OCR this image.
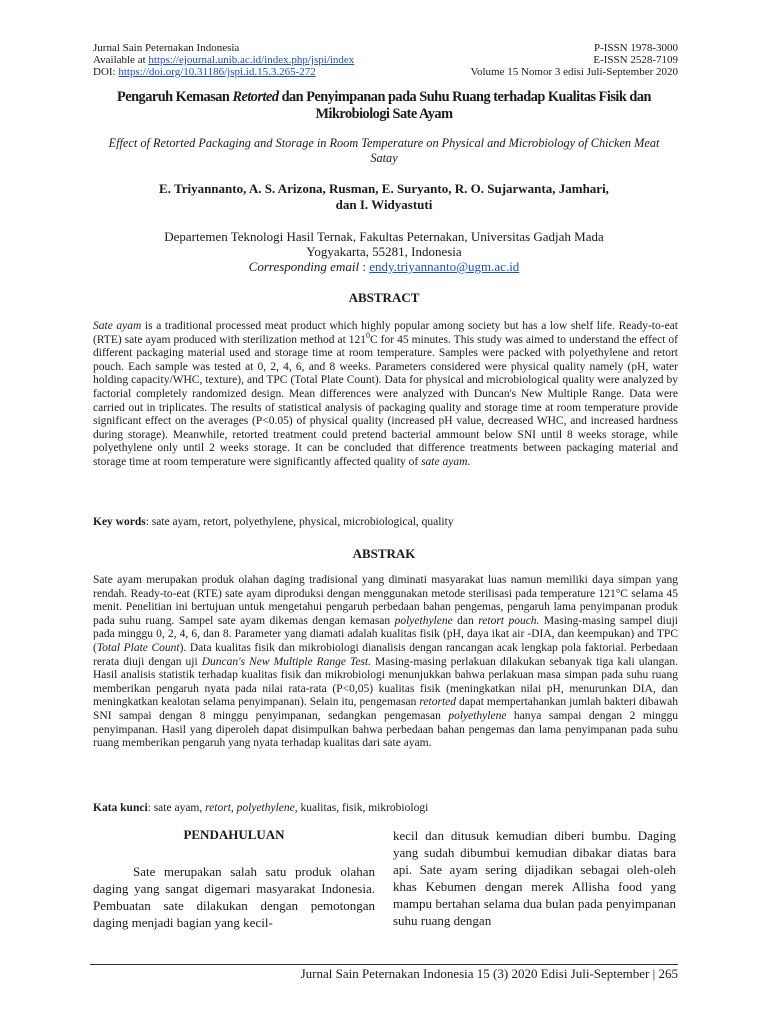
Jurnal Sain Peternakan Indonesia	P-ISSN 1978-3000
Available at https://ejournal.unib.ac.id/index.php/jspi/index	E-ISSN 2528-7109
DOI: https://doi.org/10.31186/jspi.id.15.3.265-272	Volume 15 Nomor 3 edisi Juli-September 2020
Pengaruh Kemasan Retorted dan Penyimpanan pada Suhu Ruang terhadap Kualitas Fisik dan Mikrobiologi Sate Ayam
Effect of Retorted Packaging and Storage in Room Temperature on Physical and Microbiology of Chicken Meat Satay
E. Triyannanto, A. S. Arizona, Rusman, E. Suryanto, R. O. Sujarwanta, Jamhari,
dan I. Widyastuti
Departemen Teknologi Hasil Ternak, Fakultas Peternakan, Universitas Gadjah Mada
Yogyakarta, 55281, Indonesia
Corresponding email : endy.triyannanto@ugm.ac.id
ABSTRACT
Sate ayam is a traditional processed meat product which highly popular among society but has a low shelf life. Ready-to-eat (RTE) sate ayam produced with sterilization method at $121^0C$ for 45 minutes. This study was aimed to understand the effect of different packaging material used and storage time at room temperature. Samples were packed with polyethylene and retort pouch. Each sample was tested at 0, 2, 4, 6, and 8 weeks. Parameters considered were physical quality namely (pH, water holding capacity/WHC, texture), and TPC (Total Plate Count). Data for physical and microbiological quality were analyzed by factorial completely randomized design. Mean differences were analyzed with Duncan's New Multiple Range. Data were carried out in triplicates. The results of statistical analysis of packaging quality and storage time at room temperature provide significant effect on the averages (P<0.05) of physical quality (increased pH value, decreased WHC, and increased hardness during storage). Meanwhile, retorted treatment could pretend bacterial ammount below SNI until 8 weeks storage, while polyethylene only until 2 weeks storage. It can be concluded that difference treatments between packaging material and storage time at room temperature were significantly affected quality of sate ayam.
Key words: sate ayam, retort, polyethylene, physical, microbiological, quality
ABSTRAK
Sate ayam merupakan produk olahan daging tradisional yang diminati masyarakat luas namun memiliki daya simpan yang rendah. Ready-to-eat (RTE) sate ayam diproduksi dengan menggunakan metode sterilisasi pada temperature 121°C selama 45 menit. Penelitian ini bertujuan untuk mengetahui pengaruh perbedaan bahan pengemas, pengaruh lama penyimpanan produk pada suhu ruang. Sampel sate ayam dikemas dengan kemasan polyethylene dan retort pouch. Masing-masing sampel diuji pada minggu 0, 2, 4, 6, dan 8. Parameter yang diamati adalah kualitas fisik (pH, daya ikat air -DIA, dan keempukan) and TPC (Total Plate Count). Data kualitas fisik dan mikrobiologi dianalisis dengan rancangan acak lengkap pola faktorial. Perbedaan rerata diuji dengan uji Duncan's New Multiple Range Test. Masing-masing perlakuan dilakukan sebanyak tiga kali ulangan. Hasil analisis statistik terhadap kualitas fisik dan mikrobiologi menunjukkan bahwa perlakuan masa simpan pada suhu ruang memberikan pengaruh nyata pada nilai rata-rata (P<0,05) kualitas fisik (meningkatkan nilai pH, menurunkan DIA, dan meningkatkan kealotan selama penyimpanan). Selain itu, pengemasan retorted dapat mempertahankan jumlah bakteri dibawah SNI sampai dengan 8 minggu penyimpanan, sedangkan pengemasan polyethylene hanya sampai dengan 2 minggu penyimpanan. Hasil yang diperoleh dapat disimpulkan bahwa perbedaan bahan pengemas dan lama penyimpanan pada suhu ruang memberikan pengaruh yang nyata terhadap kualitas dari sate ayam.
Kata kunci: sate ayam, retort, polyethylene, kualitas, fisik, mikrobiologi
PENDAHULUAN

Sate merupakan salah satu produk olahan daging yang sangat digemari masyarakat Indonesia. Pembuatan sate dilakukan dengan pemotongan daging menjadi bagian yang kecil-

kecil dan ditusuk kemudian diberi bumbu. Daging yang sudah dibumbui kemudian dibakar diatas bara api. Sate ayam sering dijadikan sebagai oleh-oleh khas Kebumen dengan merek Allisha food yang mampu bertahan selama dua bulan pada penyimpanan suhu ruang dengan

Jurnal Sain Peternakan Indonesia 15 (3) 2020 Edisi Juli-September | 265
